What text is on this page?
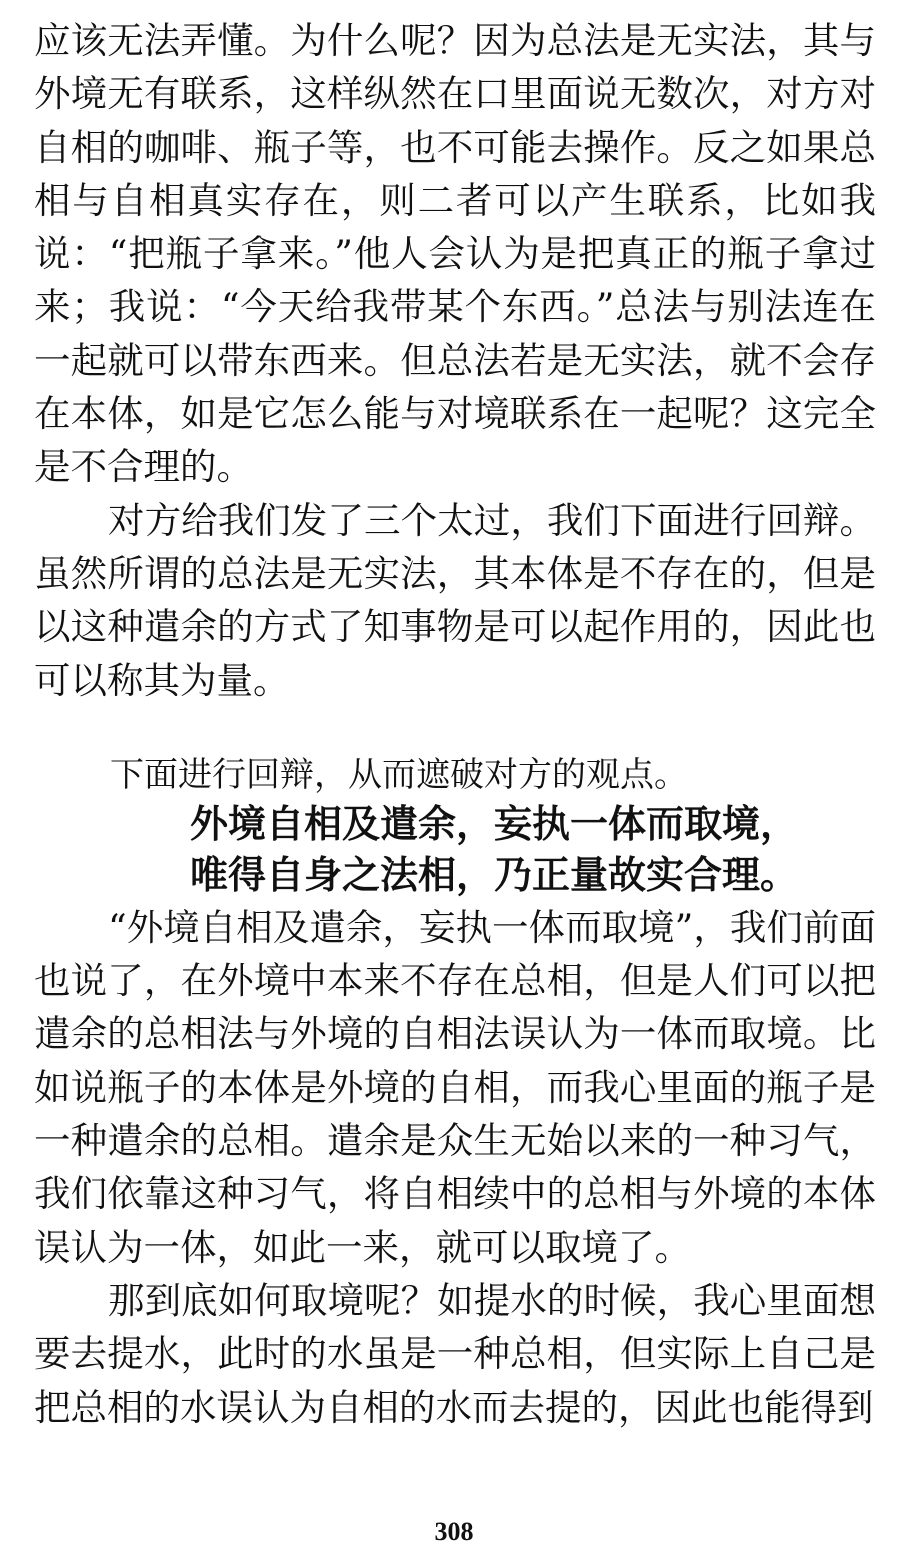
应该无法弄懂。为什么呢？因为总法是无实法，其与外境无有联系，这样纵然在口里面说无数次，对方对自相的咖啡、瓶子等，也不可能去操作。反之如果总相与自相真实存在，则二者可以产生联系，比如我说：“把瓶子拿来。”他人会认为是把真正的瓶子拿过来；我说：“今天给我带某个东西。”总法与别法连在一起就可以带东西来。但总法若是无实法，就不会存在本体，如是它怎么能与对境联系在一起呢？这完全是不合理的。

对方给我们发了三个太过，我们下面进行回辩。虽然所谓的总法是无实法，其本体是不存在的，但是以这种遣余的方式了知事物是可以起作用的，因此也可以称其为量。

下面进行回辩，从而遮破对方的观点。

外境自相及遣余，妄执一体而取境，

唯得自身之法相，乃正量故实合理。

“外境自相及遣余，妄执一体而取境”，我们前面也说了，在外境中本来不存在总相，但是人们可以把遣余的总相法与外境的自相法误认为一体而取境。比如说瓶子的本体是外境的自相，而我心里面的瓶子是一种遣余的总相。遣余是众生无始以来的一种习气，我们依靠这种习气，将自相续中的总相与外境的本体误认为一体，如此一来，就可以取境了。

那到底如何取境呢？如提水的时候，我心里面想要去提水，此时的水虽是一种总相，但实际上自己是把总相的水误认为自相的水而去提的，因此也能得到

308
